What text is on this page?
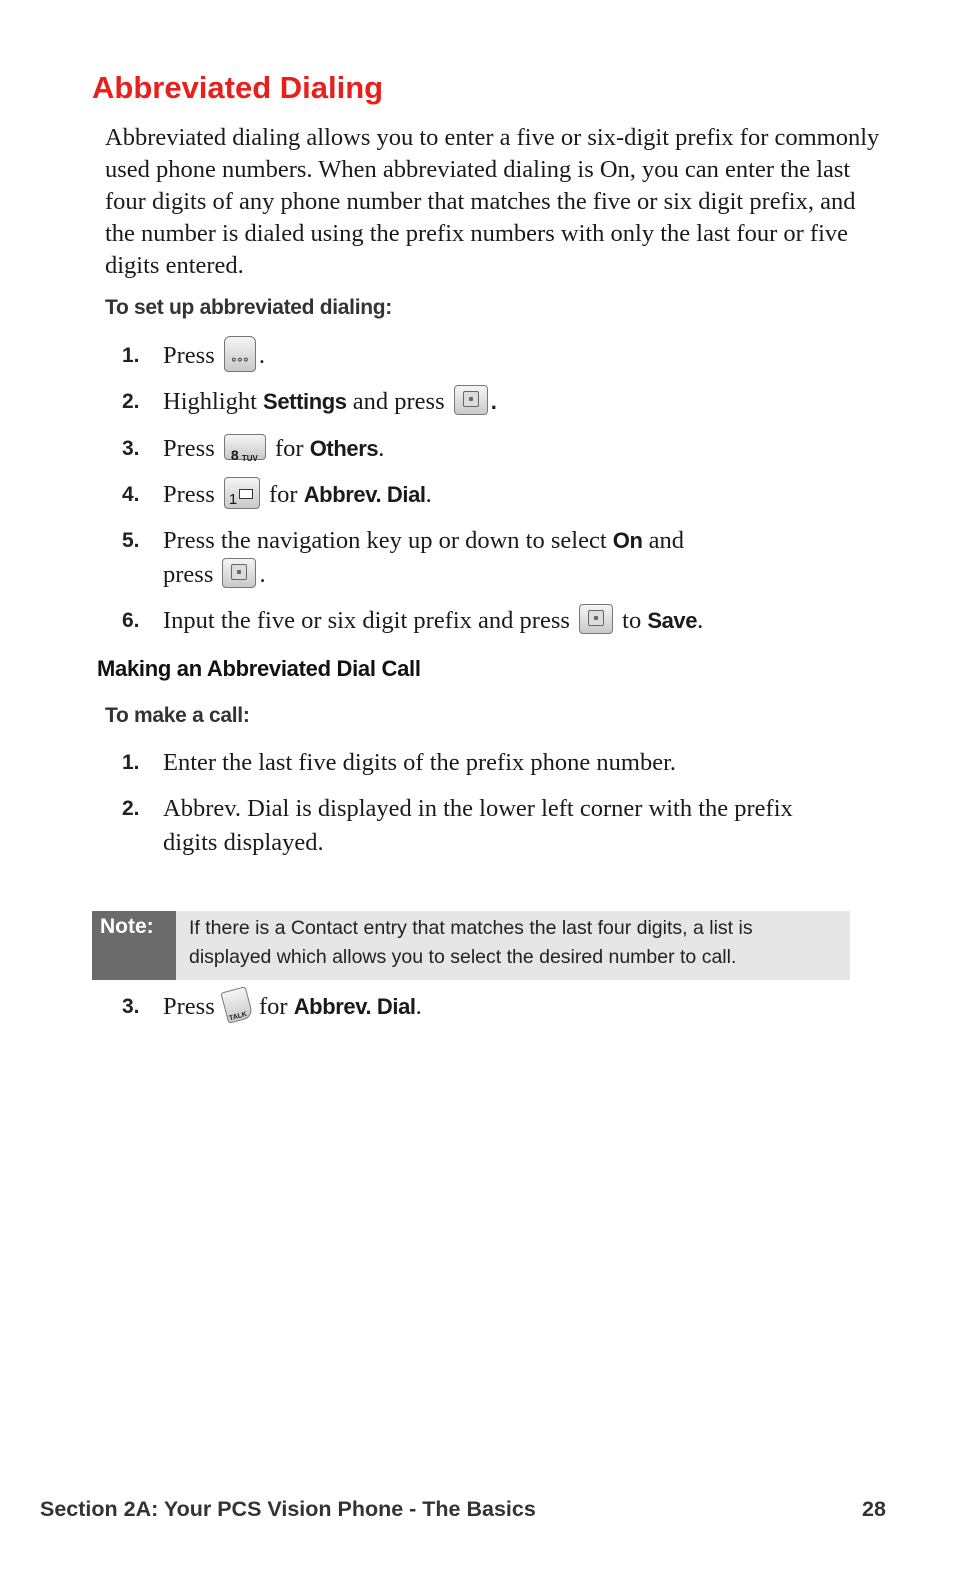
Abbreviated Dialing

Abbreviated dialing allows you to enter a five or six-digit prefix for commonly used phone numbers. When abbreviated dialing is On, you can enter the last four digits of any phone number that matches the five or six digit prefix, and the number is dialed using the prefix numbers with only the last four or five digits entered.

To set up abbreviated dialing:
1. Press °°° .
2. Highlight Settings and press .
3. Press 8 TUV for Others.
4. Press 1 for Abbrev. Dial.
5. Press the navigation key up or down to select On and
press .
6. Input the five or six digit prefix and press to Save.
Making an Abbreviated Dial Call
To make a call:
1. Enter the last five digits of the prefix phone number.
2. Abbrev. Dial is displayed in the lower left corner with the prefix digits displayed.
Note:	If there is a Contact entry that matches the last four digits, a list is displayed which allows you to select the desired number to call.
3. Press	TALK for Abbrev. Dial.
Section 2A: Your PCS Vision Phone - The Basics	28
